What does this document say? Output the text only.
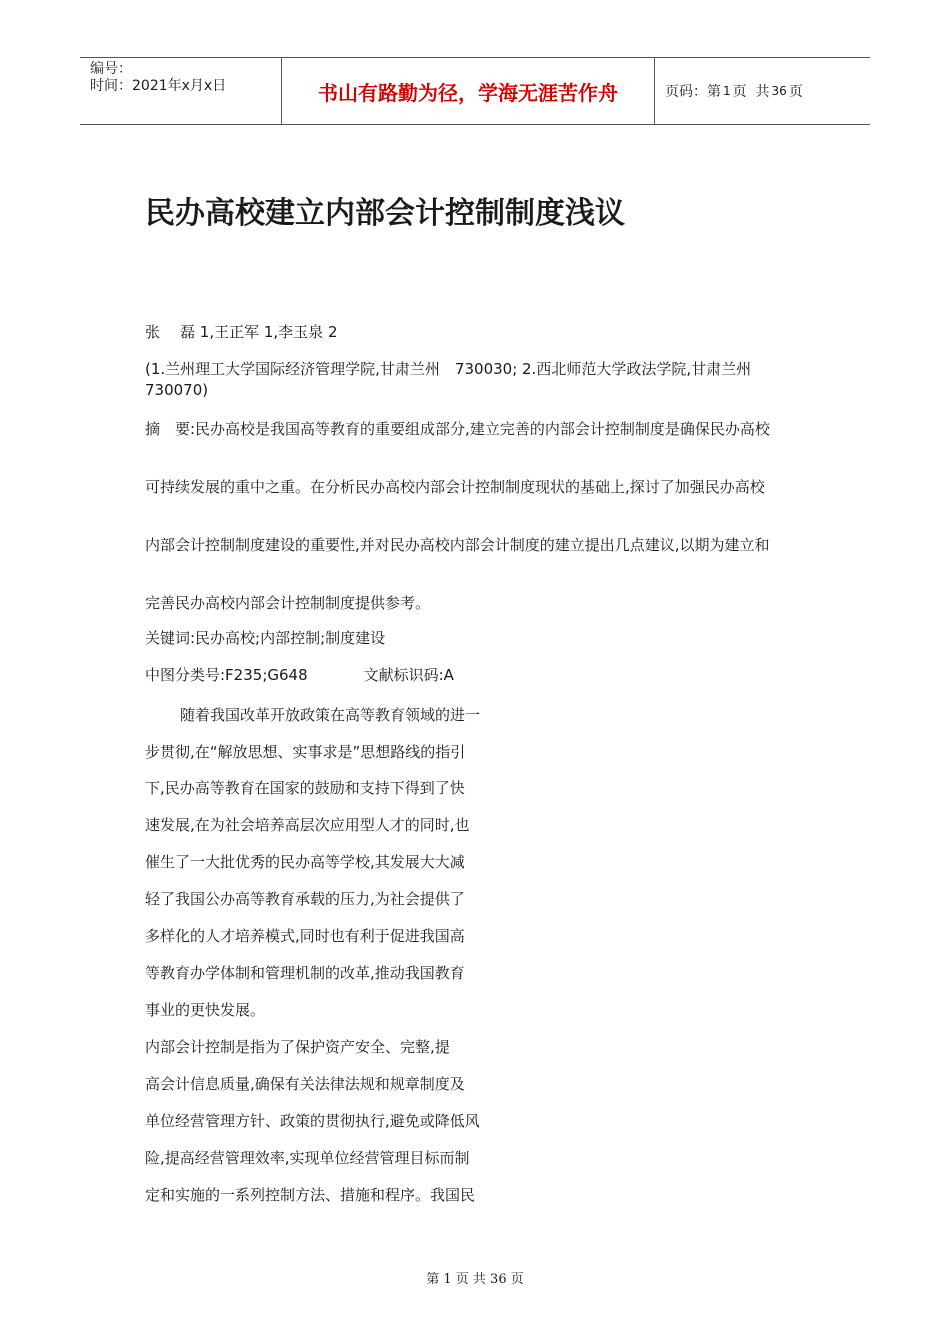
编号：
时间：2021年x月x日	书山有路勤为径，学海无涯苦作舟	页码：第 1 页  共 36 页
民办高校建立内部会计控制制度浅议

张 磊 1,王正军 1,李玉泉 2

(1.兰州理工大学国际经济管理学院,甘肃兰州　730030; 2.西北师范大学政法学院,甘肃兰州　730070)

摘　要:民办高校是我国高等教育的重要组成部分,建立完善的内部会计控制制度是确保民办高校

可持续发展的重中之重。在分析民办高校内部会计控制制度现状的基础上,探讨了加强民办高校

内部会计控制制度建设的重要性,并对民办高校内部会计制度的建立提出几点建议,以期为建立和

完善民办高校内部会计控制制度提供参考。

关键词:民办高校;内部控制;制度建设

中图分类号:F235;G648	文献标识码:A

随着我国改革开放政策在高等教育领域的进一

步贯彻,在“解放思想、实事求是”思想路线的指引

下,民办高等教育在国家的鼓励和支持下得到了快

速发展,在为社会培养高层次应用型人才的同时,也

催生了一大批优秀的民办高等学校,其发展大大减

轻了我国公办高等教育承载的压力,为社会提供了

多样化的人才培养模式,同时也有利于促进我国高

等教育办学体制和管理机制的改革,推动我国教育

事业的更快发展。

内部会计控制是指为了保护资产安全、完整,提

高会计信息质量,确保有关法律法规和规章制度及

单位经营管理方针、政策的贯彻执行,避免或降低风

险,提高经营管理效率,实现单位经营管理目标而制

定和实施的一系列控制方法、措施和程序。我国民

第 1 页 共 36 页
